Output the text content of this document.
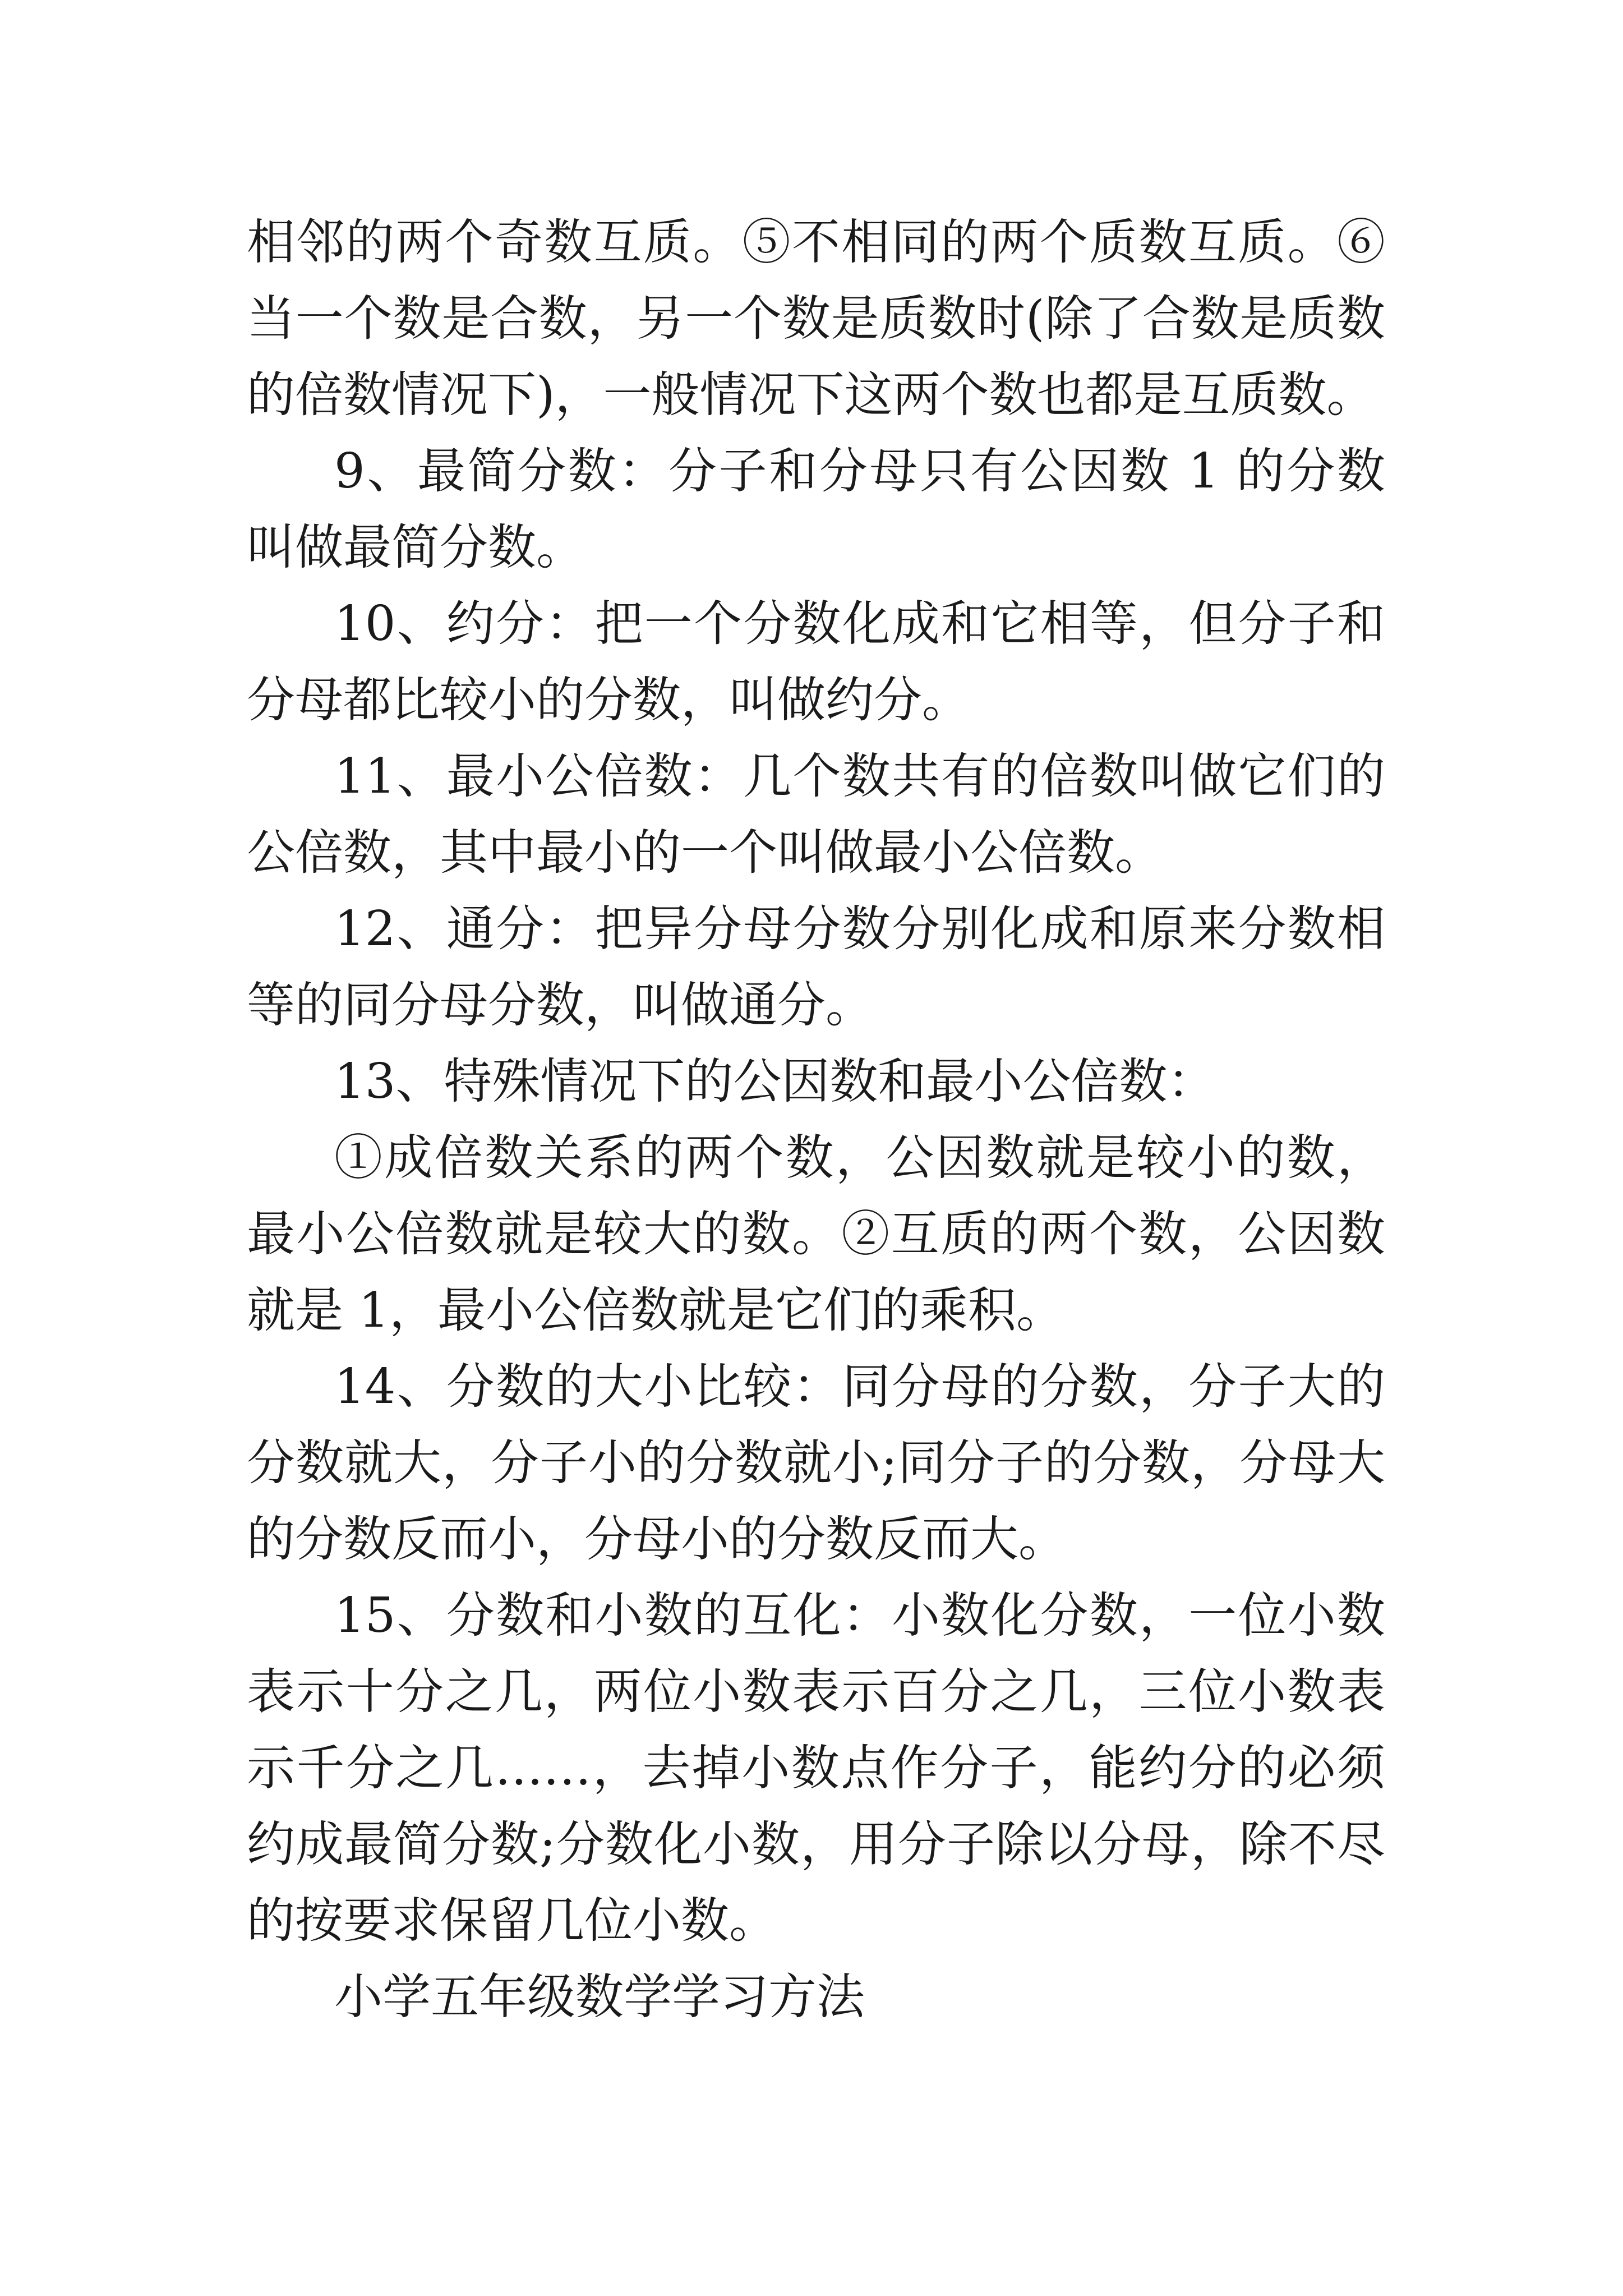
相邻的两个奇数互质。⑤不相同的两个质数互质。⑥当一个数是合数，另一个数是质数时(除了合数是质数的倍数情况下)，一般情况下这两个数也都是互质数。

9、最简分数：分子和分母只有公因数 1 的分数叫做最简分数。

10、约分：把一个分数化成和它相等，但分子和分母都比较小的分数，叫做约分。

11、最小公倍数：几个数共有的倍数叫做它们的公倍数，其中最小的一个叫做最小公倍数。

12、通分：把异分母分数分别化成和原来分数相等的同分母分数，叫做通分。

13、特殊情况下的公因数和最小公倍数：

①成倍数关系的两个数，公因数就是较小的数，最小公倍数就是较大的数。②互质的两个数，公因数就是 1，最小公倍数就是它们的乘积。

14、分数的大小比较：同分母的分数，分子大的分数就大，分子小的分数就小;同分子的分数，分母大的分数反而小，分母小的分数反而大。

15、分数和小数的互化：小数化分数，一位小数表示十分之几，两位小数表示百分之几，三位小数表示千分之几……，去掉小数点作分子，能约分的必须约成最简分数;分数化小数，用分子除以分母，除不尽的按要求保留几位小数。

小学五年级数学学习方法
